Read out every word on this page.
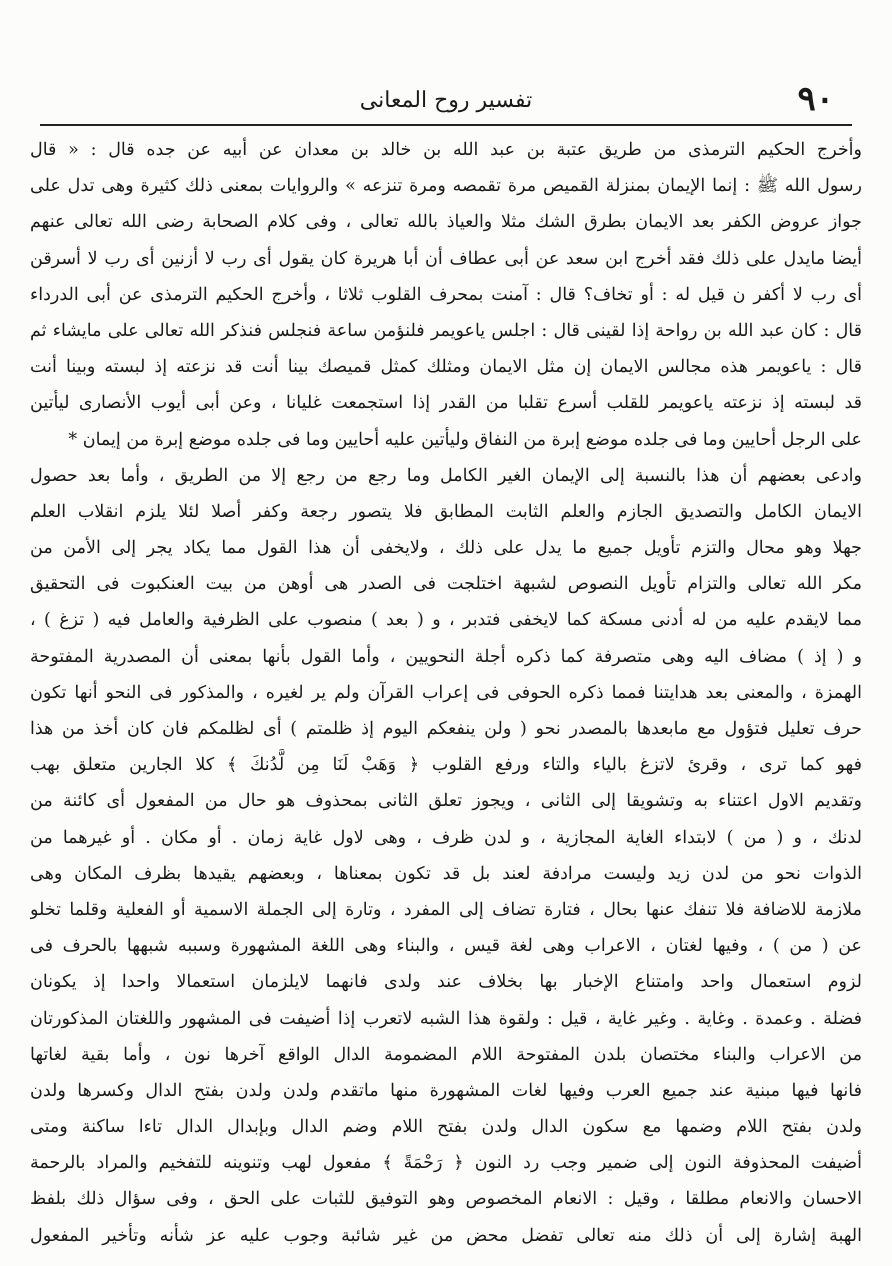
٩٠
تفسير روح المعانى
وأخرج الحكيم الترمذى من طريق عتبة بن عبد الله بن خالد بن معدان عن أبيه عن جده قال : « قال
رسول الله ﷺ : إنما الإيمان بمنزلة القميص مرة تقمصه ومرة تنزعه » والروايات بمعنى ذلك كثيرة وهى تدل على
جواز عروض الكفر بعد الايمان بطرق الشك مثلا والعياذ بالله تعالى ، وفى كلام الصحابة رضى الله تعالى عنهم
أيضا مايدل على ذلك فقد أخرج ابن سعد عن أبى عطاف أن أبا هريرة كان يقول أى رب لا أزنين أى رب لا أسرقن
أى رب لا أكفر ن قيل له : أو تخاف؟ قال : آمنت بمحرف القلوب ثلاثا ، وأخرج الحكيم الترمذى عن أبى الدرداء
قال : كان عبد الله بن رواحة إذا لقينى قال : اجلس ياعويمر فلنؤمن ساعة فنجلس فنذكر الله تعالى على مايشاء ثم
قال : ياعويمر هذه مجالس الايمان إن مثل الايمان ومثلك كمثل قميصك بينا أنت قد نزعته إذ لبسته وبينا أنت
قد لبسته إذ نزعته ياعويمر للقلب أسرع تقلبا من القدر إذا استجمعت غليانا ، وعن أبى أيوب الأنصارى ليأتين
على الرجل أحايين وما فى جلده موضع إبرة من النفاق وليأتين عليه أحايين وما فى جلده موضع إبرة من إيمان *
وادعى بعضهم أن هذا بالنسبة إلى الإيمان الغير الكامل وما رجع من رجع إلا من الطريق ، وأما بعد حصول
الايمان الكامل والتصديق الجازم والعلم الثابت المطابق فلا يتصور رجعة وكفر أصلا لئلا يلزم انقلاب العلم
جهلا وهو محال والتزم تأويل جميع ما يدل على ذلك ، ولايخفى أن هذا القول مما يكاد يجر إلى الأمن من
مكر الله تعالى والتزام تأويل النصوص لشبهة اختلجت فى الصدر هى أوهن من بيت العنكبوت فى التحقيق
مما لايقدم عليه من له أدنى مسكة كما لايخفى فتدبر ، و ( بعد ) منصوب على الظرفية والعامل فيه ( تزغ ) ،
و ( إذ ) مضاف اليه وهى متصرفة كما ذكره أجلة النحويين ، وأما القول بأنها بمعنى أن المصدرية المفتوحة
الهمزة ، والمعنى بعد هدايتنا فمما ذكره الحوفى فى إعراب القرآن ولم ير لغيره ، والمذكور فى النحو أنها تكون
حرف تعليل فتؤول مع مابعدها بالمصدر نحو ( ولن ينفعكم اليوم إذ ظلمتم ) أى لظلمكم فان كان أخذ من هذا
فهو كما ترى ، وقرئ لاتزغ بالياء والتاء ورفع القلوب ﴿ وَهَبْ لَنَا مِن لَّدُنكَ ﴾ كلا الجارين متعلق بهب
وتقديم الاول اعتناء به وتشويقا إلى الثانى ، ويجوز تعلق الثانى بمحذوف هو حال من المفعول أى كائنة من
لدنك ، و ( من ) لابتداء الغاية المجازية ، و لدن ظرف ، وهى لاول غاية زمان . أو مكان . أو غيرهما من
الذوات نحو من لدن زيد ولیست مرادفة لعند بل قد تكون بمعناها ، وبعضهم يقيدها بظرف المكان وهى
ملازمة للاضافة فلا تنفك عنها بحال ، فتارة تضاف إلى المفرد ، وتارة إلى الجملة الاسمية أو الفعلية وقلما تخلو
عن ( من ) ، وفيها لغتان ، الاعراب وهى لغة قيس ، والبناء وهى اللغة المشهورة وسببه شبهها بالحرف فى
لزوم استعمال واحد وامتناع الإخبار بها بخلاف عند ولدى فانهما لايلزمان استعمالا واحدا إذ يكونان
فضلة . وعمدة . وغاية . وغير غاية ، قيل : ولقوة هذا الشبه لاتعرب إذا أضيفت فى المشهور واللغتان المذكورتان
من الاعراب والبناء مختصان بلدن المفتوحة اللام المضمومة الدال الواقع آخرها نون ، وأما بقية لغاتها
فانها فيها مبنية عند جميع العرب وفيها لغات المشهورة منها ماتقدم ولدن ولدن بفتح الدال وكسرها ولدن
ولدن بفتح اللام وضمها مع سكون الدال ولدن بفتح اللام وضم الدال وبإبدال الدال تاءا ساكنة ومتى
أضيفت المحذوفة النون إلى ضمير وجب رد النون ﴿ رَحْمَةً ﴾ مفعول لهب وتنوينه للتفخيم والمراد بالرحمة
الاحسان والانعام مطلقا ، وقيل : الانعام المخصوص وهو التوفيق للثبات على الحق ، وفى سؤال ذلك بلفظ
الهبة إشارة إلى أن ذلك منه تعالى تفضل محض من غير شائبة وجوب عليه عز شأنه وتأخير المفعول
